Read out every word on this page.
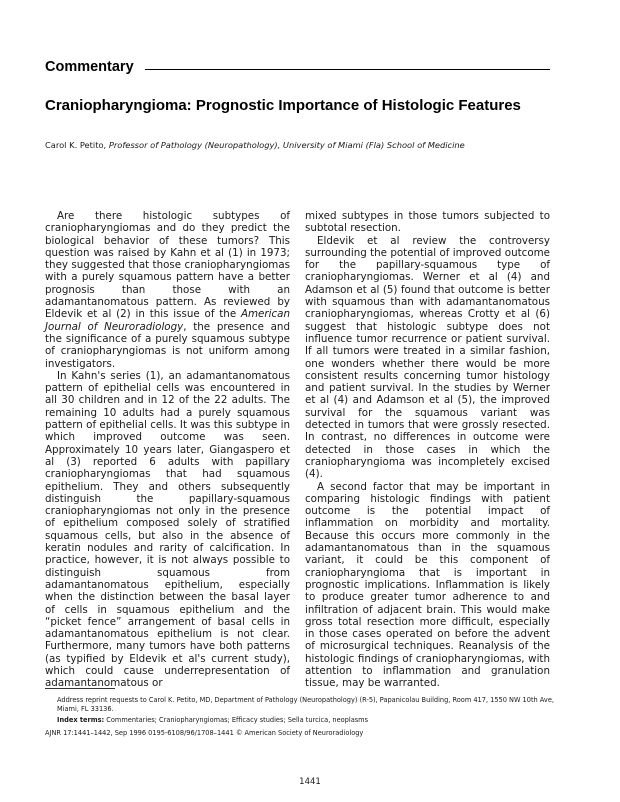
Commentary
Craniopharyngioma: Prognostic Importance of Histologic Features
Carol K. Petito, Professor of Pathology (Neuropathology), University of Miami (Fla) School of Medicine

Are there histologic subtypes of craniopharyngiomas and do they predict the biological behavior of these tumors? This question was raised by Kahn et al (1) in 1973; they suggested that those craniopharyngiomas with a purely squamous pattern have a better prognosis than those with an adamantanomatous pattern. As reviewed by Eldevik et al (2) in this issue of the American Journal of Neuroradiology, the presence and the significance of a purely squamous subtype of craniopharyngiomas is not uniform among investigators.

In Kahn's series (1), an adamantanomatous pattern of epithelial cells was encountered in all 30 children and in 12 of the 22 adults. The remaining 10 adults had a purely squamous pattern of epithelial cells. It was this subtype in which improved outcome was seen. Approximately 10 years later, Giangaspero et al (3) reported 6 adults with papillary craniopharyngiomas that had squamous epithelium. They and others subsequently distinguish the papillary-squamous craniopharyngiomas not only in the presence of epithelium composed solely of stratified squamous cells, but also in the absence of keratin nodules and rarity of calcification. In practice, however, it is not always possible to distinguish squamous from adamantanomatous epithelium, especially when the distinction between the basal layer of cells in squamous epithelium and the “picket fence” arrangement of basal cells in adamantanomatous epithelium is not clear. Furthermore, many tumors have both patterns (as typified by Eldevik et al's current study), which could cause underrepresentation of adamantanomatous or

mixed subtypes in those tumors subjected to subtotal resection.

Eldevik et al review the controversy surrounding the potential of improved outcome for the papillary-squamous type of craniopharyngiomas. Werner et al (4) and Adamson et al (5) found that outcome is better with squamous than with adamantanomatous craniopharyngiomas, whereas Crotty et al (6) suggest that histologic subtype does not influence tumor recurrence or patient survival. If all tumors were treated in a similar fashion, one wonders whether there would be more consistent results concerning tumor histology and patient survival. In the studies by Werner et al (4) and Adamson et al (5), the improved survival for the squamous variant was detected in tumors that were grossly resected. In contrast, no differences in outcome were detected in those cases in which the craniopharyngioma was incompletely excised (4).

A second factor that may be important in comparing histologic findings with patient outcome is the potential impact of inflammation on morbidity and mortality. Because this occurs more commonly in the adamantanomatous than in the squamous variant, it could be this component of craniopharyngioma that is important in prognostic implications. Inflammation is likely to produce greater tumor adherence to and infiltration of adjacent brain. This would make gross total resection more difficult, especially in those cases operated on before the advent of microsurgical techniques. Reanalysis of the histologic findings of craniopharyngiomas, with attention to inflammation and granulation tissue, may be warranted.

Address reprint requests to Carol K. Petito, MD, Department of Pathology (Neuropathology) (R-5), Papanicolau Building, Room 417, 1550 NW 10th Ave, Miami, FL 33136.

Index terms: Commentaries; Craniopharyngiomas; Efficacy studies; Sella turcica, neoplasms

AJNR 17:1441–1442, Sep 1996 0195-6108/96/1708–1441 © American Society of Neuroradiology

1441
